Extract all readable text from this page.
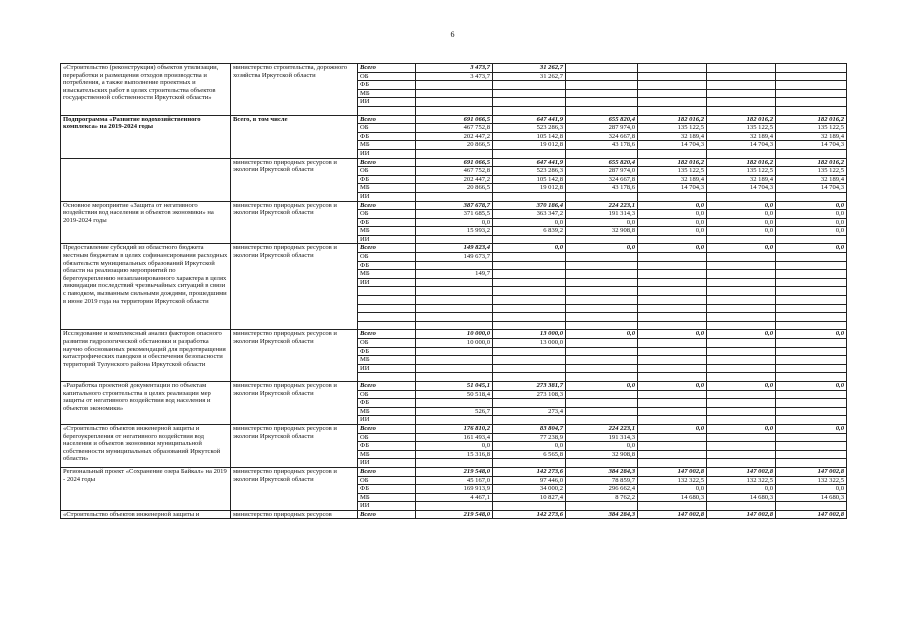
6
«Строительство (реконструкция) объектов утилизации, переработки и размещения отходов производства и потребления, а также выполнение проектных и изыскательских работ в целях строительства объектов государственной собственности Иркутской области»	министерство строительства, дорожного хозяйства Иркутской области	Всего	3 473,7	31 262,7				
		ОБ	3 473,7	31 262,7				
		ФБ						
		МБ						
		ИИ						

Подпрограмма «Развитие водохозяйственного комплекса» на 2019-2024 годы	Всего, в том числе	Всего	691 066,5	647 441,9	655 820,4	182 016,2	182 016,2	182 016,2
		ОБ	467 752,8	523 286,3	287 974,0	135 122,5	135 122,5	135 122,5
		ФБ	202 447,2	105 142,8	324 667,8	32 189,4	32 189,4	32 189,4
		МБ	20 866,5	19 012,8	43 178,6	14 704,3	14 704,3	14 704,3
		ИИ						
	министерство природных ресурсов и экологии Иркутской области	Всего	691 066,5	647 441,9	655 820,4	182 016,2	182 016,2	182 016,2
		ОБ	467 752,8	523 286,3	287 974,0	135 122,5	135 122,5	135 122,5
		ФБ	202 447,2	105 142,8	324 667,8	32 189,4	32 189,4	32 189,4
		МБ	20 866,5	19 012,8	43 178,6	14 704,3	14 704,3	14 704,3
		ИИ						
Основное мероприятие «Защита от негативного воздействия вод населения и объектов экономики» на 2019-2024 годы	министерство природных ресурсов и экологии Иркутской области	Всего	387 678,7	370 186,4	224 223,1	0,0	0,0	0,0
		ОБ	371 685,5	363 347,2	191 314,3	0,0	0,0	0,0
		ФБ	0,0	0,0	0,0	0,0	0,0	0,0
		МБ	15 993,2	6 839,2	32 908,8	0,0	0,0	0,0
		ИИ						
Предоставление субсидий из областного бюджета местным бюджетам в целях софинансирования расходных обязательств муниципальных образований Иркутской области на реализацию мероприятий по берегоукреплению незапланированного характера в целях ликвидации последствий чрезвычайных ситуаций в связи с паводком, вызванным сильными дождями, прошедшими в июне 2019 года на территории Иркутской области	министерство природных ресурсов и экологии Иркутской области	Всего	149 823,4	0,0	0,0	0,0	0,0	0,0
		ОБ	149 673,7					
		ФБ						
		МБ	149,7					
		ИИ						

Исследование и комплексный анализ факторов опасного развития гидрологической обстановки и разработка научно обоснованных рекомендаций для предотвращения катастрофических паводков и обеспечения безопасности территорий Тулунского района Иркутской области	министерство природных ресурсов и экологии Иркутской области	Всего	10 000,0	13 000,0	0,0	0,0	0,0	0,0
		ОБ	10 000,0	13 000,0				
		ФБ						
		МБ						
		ИИ						

«Разработка проектной документации по объектам капитального строительства в целях реализации мер защиты от негативного воздействия вод населения и объектов экономики»	министерство природных ресурсов и экологии Иркутской области	Всего	51 045,1	273 381,7	0,0	0,0	0,0	0,0
		ОБ	50 518,4	273 108,3				
		ФБ						
		МБ	526,7	273,4				
		ИИ						
«Строительство объектов инженерной защиты и берегоукрепления от негативного воздействия вод населения и объектов экономики муниципальной собственности муниципальных образований Иркутской области»	министерство природных ресурсов и экологии Иркутской области	Всего	176 810,2	83 804,7	224 223,1	0,0	0,0	0,0
		ОБ	161 493,4	77 238,9	191 314,3			
		ФБ	0,0	0,0	0,0			
		МБ	15 316,8	6 565,8	32 908,8			
		ИИ						
Региональный проект «Сохранение озера Байкал» на 2019 - 2024 годы	министерство природных ресурсов и экологии Иркутской области	Всего	219 548,0	142 273,6	384 284,3	147 002,8	147 002,8	147 002,8
		ОБ	45 167,0	97 446,0	78 859,7	132 322,5	132 322,5	132 322,5
		ФБ	169 913,9	34 000,2	296 662,4	0,0	0,0	0,0
		МБ	4 467,1	10 827,4	8 762,2	14 680,3	14 680,3	14 680,3
		ИИ						
«Строительство объектов инженерной защиты и	министерство природных ресурсов	Всего	219 548,0	142 273,6	384 284,3	147 002,8	147 002,8	147 002,8
